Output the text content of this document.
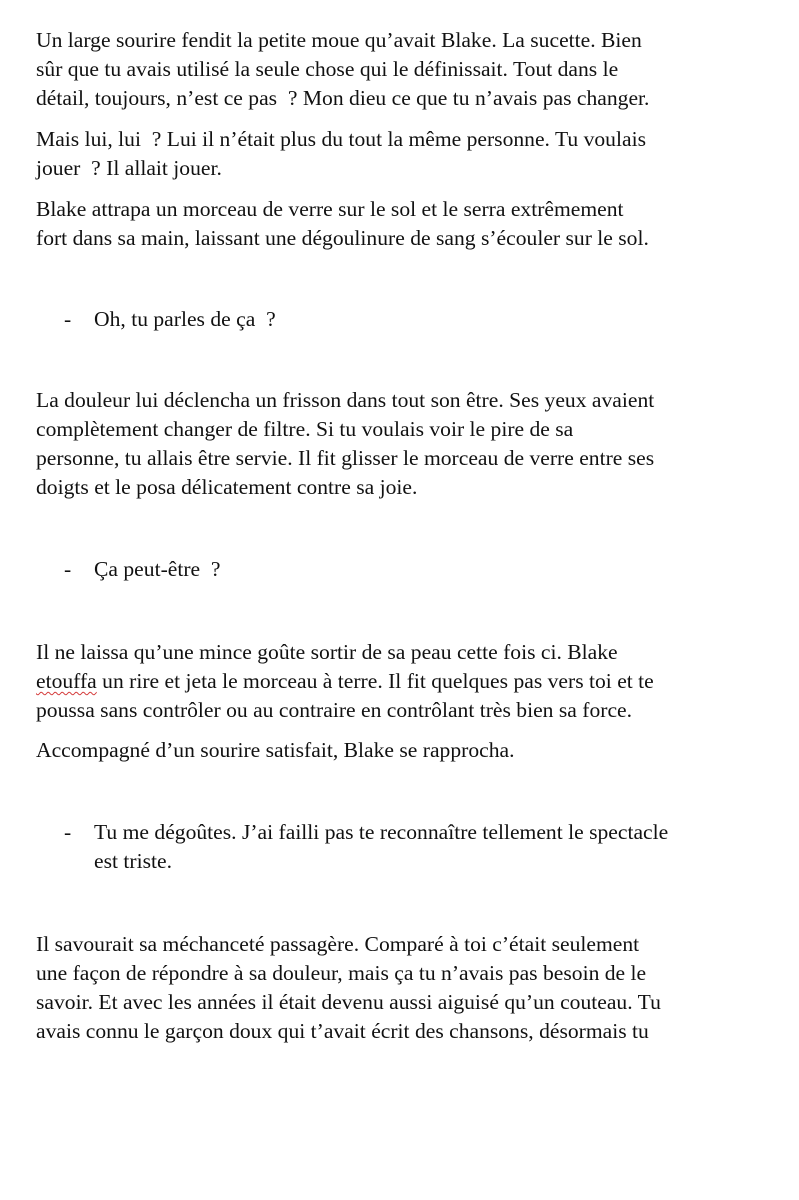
Un large sourire fendit la petite moue qu’avait Blake. La sucette. Bien
sûr que tu avais utilisé la seule chose qui le définissait. Tout dans le
détail, toujours, n’est ce pas  ? Mon dieu ce que tu n’avais pas changer.

Mais lui, lui  ? Lui il n’était plus du tout la même personne. Tu voulais
jouer  ? Il allait jouer.

Blake attrapa un morceau de verre sur le sol et le serra extrêmement
fort dans sa main, laissant une dégoulinure de sang s’écouler sur le sol.

- Oh, tu parles de ça  ?

La douleur lui déclencha un frisson dans tout son être. Ses yeux avaient
complètement changer de filtre. Si tu voulais voir le pire de sa
personne, tu allais être servie. Il fit glisser le morceau de verre entre ses
doigts et le posa délicatement contre sa joie.

- Ça peut-être  ?

Il ne laissa qu’une mince goûte sortir de sa peau cette fois ci. Blake
etouffa un rire et jeta le morceau à terre. Il fit quelques pas vers toi et te
poussa sans contrôler ou au contraire en contrôlant très bien sa force.

Accompagné d’un sourire satisfait, Blake se rapprocha.

- Tu me dégoûtes. J’ai failli pas te reconnaître tellement le spectacle
est triste.

Il savourait sa méchanceté passagère. Comparé à toi c’était seulement
une façon de répondre à sa douleur, mais ça tu n’avais pas besoin de le
savoir. Et avec les années il était devenu aussi aiguisé qu’un couteau. Tu
avais connu le garçon doux qui t’avait écrit des chansons, désormais tu
